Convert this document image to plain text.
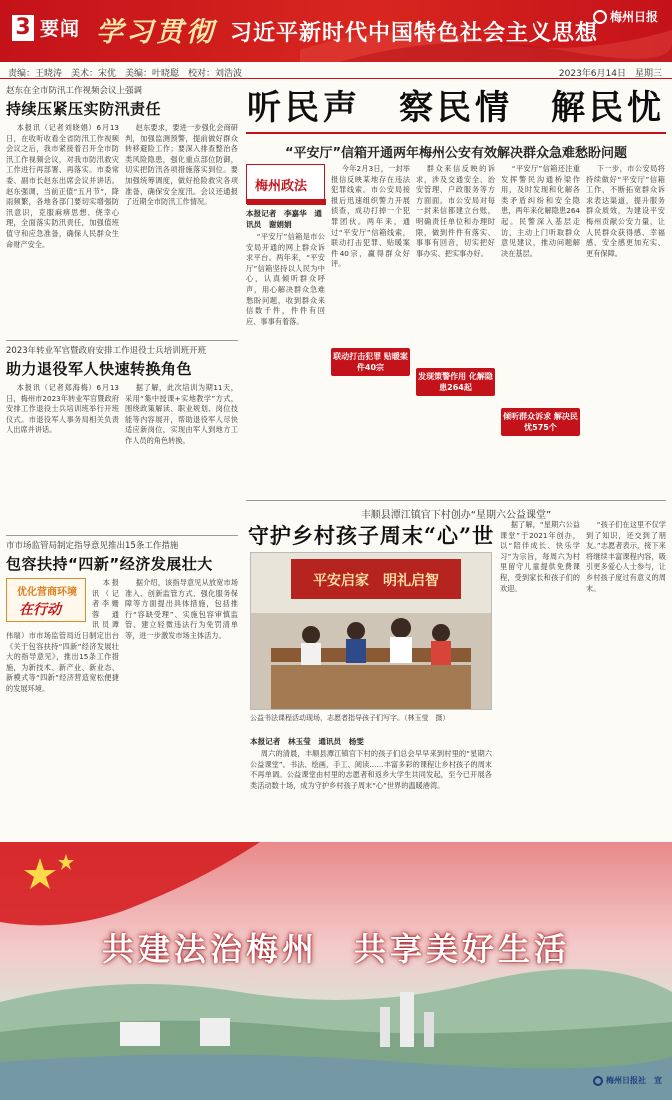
3 要闻 学习贯彻 习近平新时代中国特色社会主义思想
梅州日报
责编：王晓涛　美术：宋优　美编：叶晓聪　校对：刘浩波	2023年6月14日　星期三
赵东在全市防汛工作视频会议上强调
持续压紧压实防汛责任

本报讯（记者刘晓娟）6月13日，在收听收看全省防汛工作视频会议之后，我市紧接着召开全市防汛工作视频会议，对我市防汛救灾工作进行再部署、再落实。市委常委、副市长赵东出席会议并讲话。赵东强调，当前正值“五月节”，降雨频繁，各地各部门要切实增强防汛意识，克服麻痹思想、侥幸心理，全面落实防汛责任，加强值班值守和应急准备，确保人民群众生命财产安全。

赵东要求，要进一步强化会商研判，加强监测预警，提前做好群众转移避险工作；要深入排查整治各类风险隐患，强化重点部位防御，切实把防汛各项措施落实到位。要加强统筹调度，做好抢险救灾各项准备，确保安全度汛。会议还通报了近期全市防汛工作情况。

2023年转业军官暨政府安排工作退役士兵培训班开班
助力退役军人快速转换角色

本报讯（记者郑海梅）6月13日，梅州市2023年转业军官暨政府安排工作退役士兵培训班举行开班仪式。市退役军人事务局相关负责人出席并讲话。

据了解，此次培训为期11天，采用“集中授课+实地教学”方式，围绕政策解读、职业规划、岗位技能等内容展开，帮助退役军人尽快适应新岗位，实现由军人到地方工作人员的角色转换。

市市场监管局制定指导意见推出15条工作措施
包容扶持“四新”经济发展壮大
优化营商环境
在行动

本报讯（记者李姗蓉　通讯员谭伟瑞）市市场监管局近日制定出台《关于包容扶持“四新”经济发展壮大的指导意见》，推出15条工作措施，为新技术、新产业、新业态、新模式等“四新”经济营造宽松便捷的发展环境。

据介绍，该指导意见从放宽市场准入、创新监管方式、强化服务保障等方面提出具体措施，包括推行“容缺受理”、实施包容审慎监管、建立轻微违法行为免罚清单等，进一步激发市场主体活力。

听民声　察民情　解民忧
“平安厅”信箱开通两年梅州公安有效解决群众急难愁盼问题
梅州政法
本报记者　李嘉华　通讯员　谢娟娟

“平安厅”信箱是市公安局开通的网上群众诉求平台。两年来，“平安厅”信箱坚持以人民为中心，认真倾听群众呼声，用心解决群众急难愁盼问题，收到群众来信数千件，件件有回应、事事有着落。

今年2月3日，一封举报信反映某地存在违法犯罪线索。市公安局接报后迅速组织警力开展侦查，成功打掉一个犯罪团伙。两年来，通过“平安厅”信箱线索，联动打击犯罪、贴暖案件40宗，赢得群众好评。

联动打击犯罪 贴暖案件40宗

群众来信反映的诉求，涉及交通安全、治安管理、户政服务等方方面面。市公安局对每一封来信都建立台账，明确责任单位和办理时限，做到件件有落实、事事有回音，切实把好事办实、把实事办好。

发现策警作用 化解隐患264起

“平安厅”信箱还注重发挥警民沟通桥梁作用，及时发现和化解各类矛盾纠纷和安全隐患，两年来化解隐患264起。民警深入基层走访，主动上门听取群众意见建议，推动问题解决在基层。

倾听群众诉求 解决民忧575个

下一步，市公安局将持续做好“平安厅”信箱工作，不断拓宽群众诉求表达渠道，提升服务群众质效，为建设平安梅州贡献公安力量，让人民群众获得感、幸福感、安全感更加充实、更有保障。

丰顺县潭江镇官下村创办“星期六公益课堂”
守护乡村孩子周末“心”世
平安启家　明礼启智
公益书法课程活动现场，志愿者指导孩子们写字。（林玉莹　摄）
本报记者　林玉莹　通讯员　杨雯

周六的清晨，丰顺县潭江镇官下村的孩子们总会早早来到村里的“星期六公益课堂”。书法、绘画、手工、阅读……丰富多彩的课程让乡村孩子的周末不再单调。公益课堂由村里的志愿者和返乡大学生共同发起，至今已开展各类活动数十场，成为守护乡村孩子周末“心”世界的温暖港湾。

据了解，“星期六公益课堂”于2021年创办，以“陪伴成长、快乐学习”为宗旨，每周六为村里留守儿童提供免费课程，受到家长和孩子们的欢迎。

“孩子们在这里不仅学到了知识，还交到了朋友。”志愿者表示，接下来将继续丰富课程内容，吸引更多爱心人士参与，让乡村孩子度过有意义的周末。

共建法治梅州　共享美好生活
梅州日报社　宣
